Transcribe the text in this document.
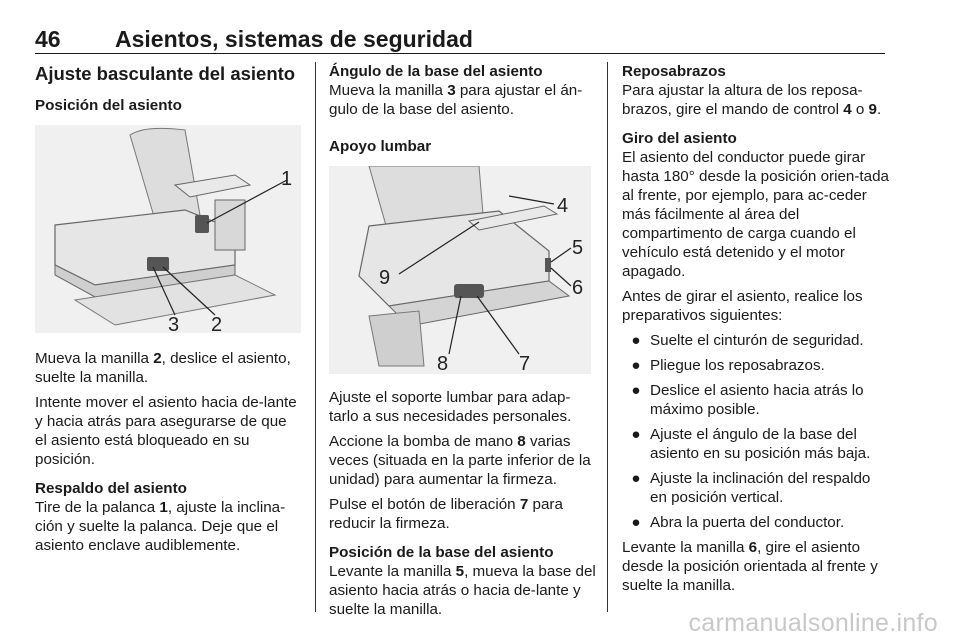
46 Asientos, sistemas de seguridad
Ajuste basculante del asiento
Posición del asiento
1
3 2

Mueva la manilla 2, deslice el asiento, suelte la manilla.

Intente mover el asiento hacia de-lante y hacia atrás para asegurarse de que el asiento está bloqueado en su posición.

Respaldo del asiento

Tire de la palanca 1, ajuste la inclina-ción y suelte la palanca. Deje que el asiento enclave audiblemente.

Ángulo de la base del asiento

Mueva la manilla 3 para ajustar el án-gulo de la base del asiento.

Apoyo lumbar
4
5
9	6
8	7

Ajuste el soporte lumbar para adap-tarlo a sus necesidades personales.

Accione la bomba de mano 8 varias veces (situada en la parte inferior de la unidad) para aumentar la firmeza.

Pulse el botón de liberación 7 para reducir la firmeza.

Posición de la base del asiento

Levante la manilla 5, mueva la base del asiento hacia atrás o hacia de-lante y suelte la manilla.

Reposabrazos

Para ajustar la altura de los reposa-brazos, gire el mando de control 4 o 9.

Giro del asiento

El asiento del conductor puede girar hasta 180° desde la posición orien-tada al frente, por ejemplo, para ac-ceder más fácilmente al área del compartimento de carga cuando el vehículo está detenido y el motor apagado.

Antes de girar el asiento, realice los preparativos siguientes:

● Suelte el cinturón de seguridad.
● Pliegue los reposabrazos.
● Deslice el asiento hacia atrás lo máximo posible.
● Ajuste el ángulo de la base del asiento en su posición más baja.
● Ajuste la inclinación del respaldo en posición vertical.
● Abra la puerta del conductor.

Levante la manilla 6, gire el asiento desde la posición orientada al frente y suelte la manilla.

carmanualsonline.info
